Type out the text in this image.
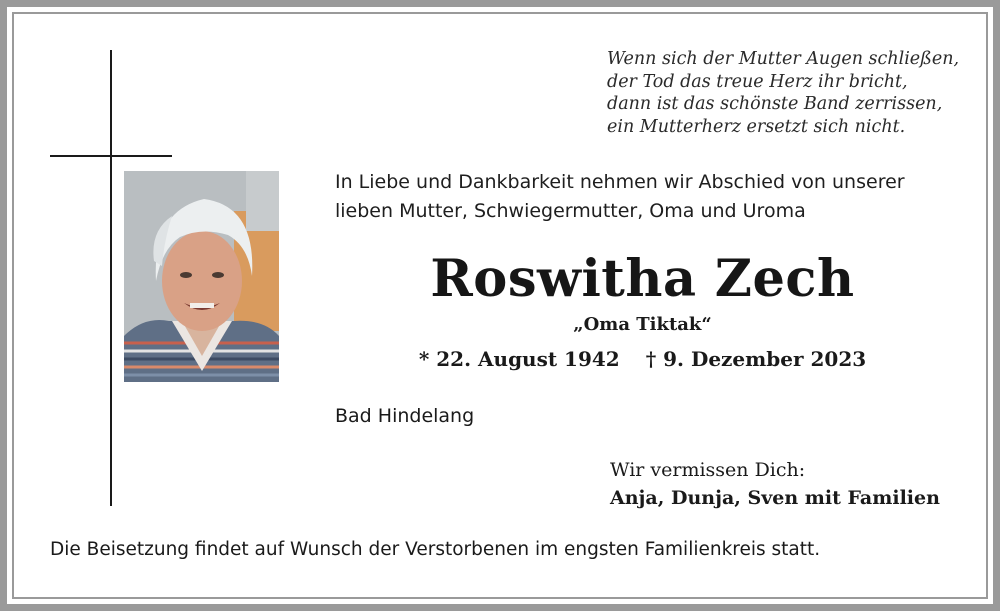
Wenn sich der Mutter Augen schließen,
der Tod das treue Herz ihr bricht,
dann ist das schönste Band zerrissen,
ein Mutterherz ersetzt sich nicht.
In Liebe und Dankbarkeit nehmen wir Abschied von unserer
lieben Mutter, Schwiegermutter, Oma und Uroma
Roswitha Zech
„Oma Tiktak“
* 22. August 1942 † 9. Dezember 2023
Bad Hindelang
Wir vermissen Dich:
Anja, Dunja, Sven mit Familien
Die Beisetzung findet auf Wunsch der Verstorbenen im engsten Familienkreis statt.
